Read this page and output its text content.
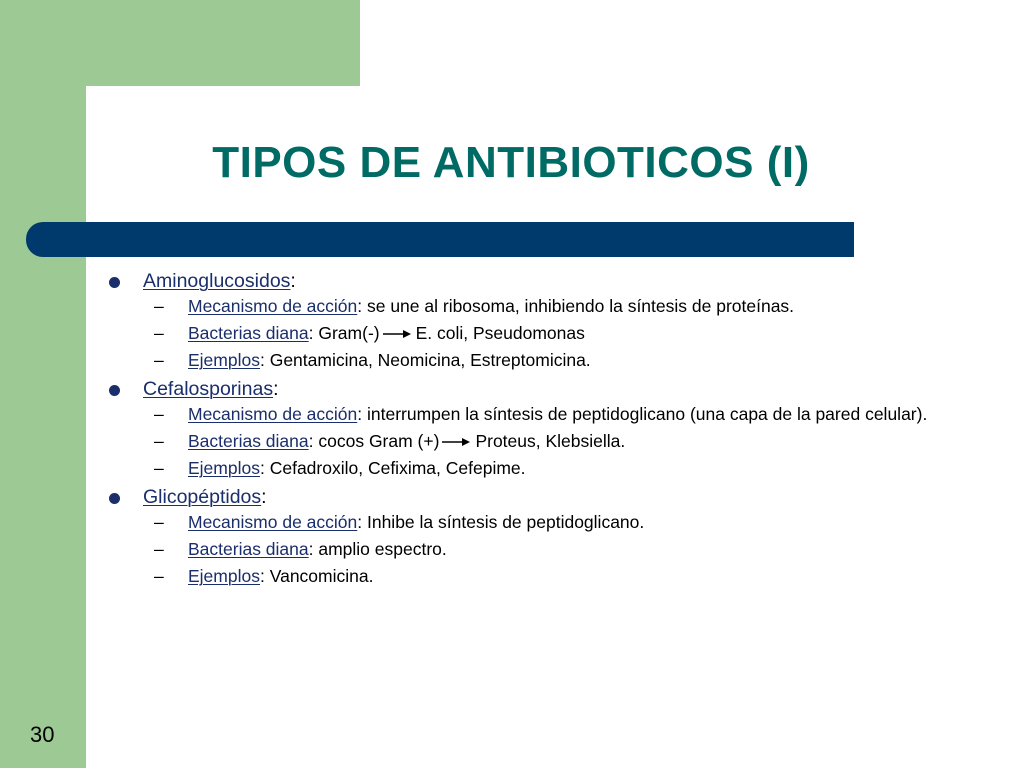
TIPOS DE ANTIBIOTICOS (I)
Aminoglucosidos:
– Mecanismo de acción: se une al ribosoma, inhibiendo la síntesis de proteínas.
– Bacterias diana: Gram(-) E. coli, Pseudomonas
– Ejemplos: Gentamicina, Neomicina, Estreptomicina.
Cefalosporinas:
– Mecanismo de acción: interrumpen la síntesis de peptidoglicano (una capa de la pared celular).
– Bacterias diana: cocos Gram (+) Proteus, Klebsiella.
– Ejemplos: Cefadroxilo, Cefixima, Cefepime.
Glicopéptidos:
– Mecanismo de acción: Inhibe la síntesis de peptidoglicano.
– Bacterias diana: amplio espectro.
– Ejemplos: Vancomicina.
30
